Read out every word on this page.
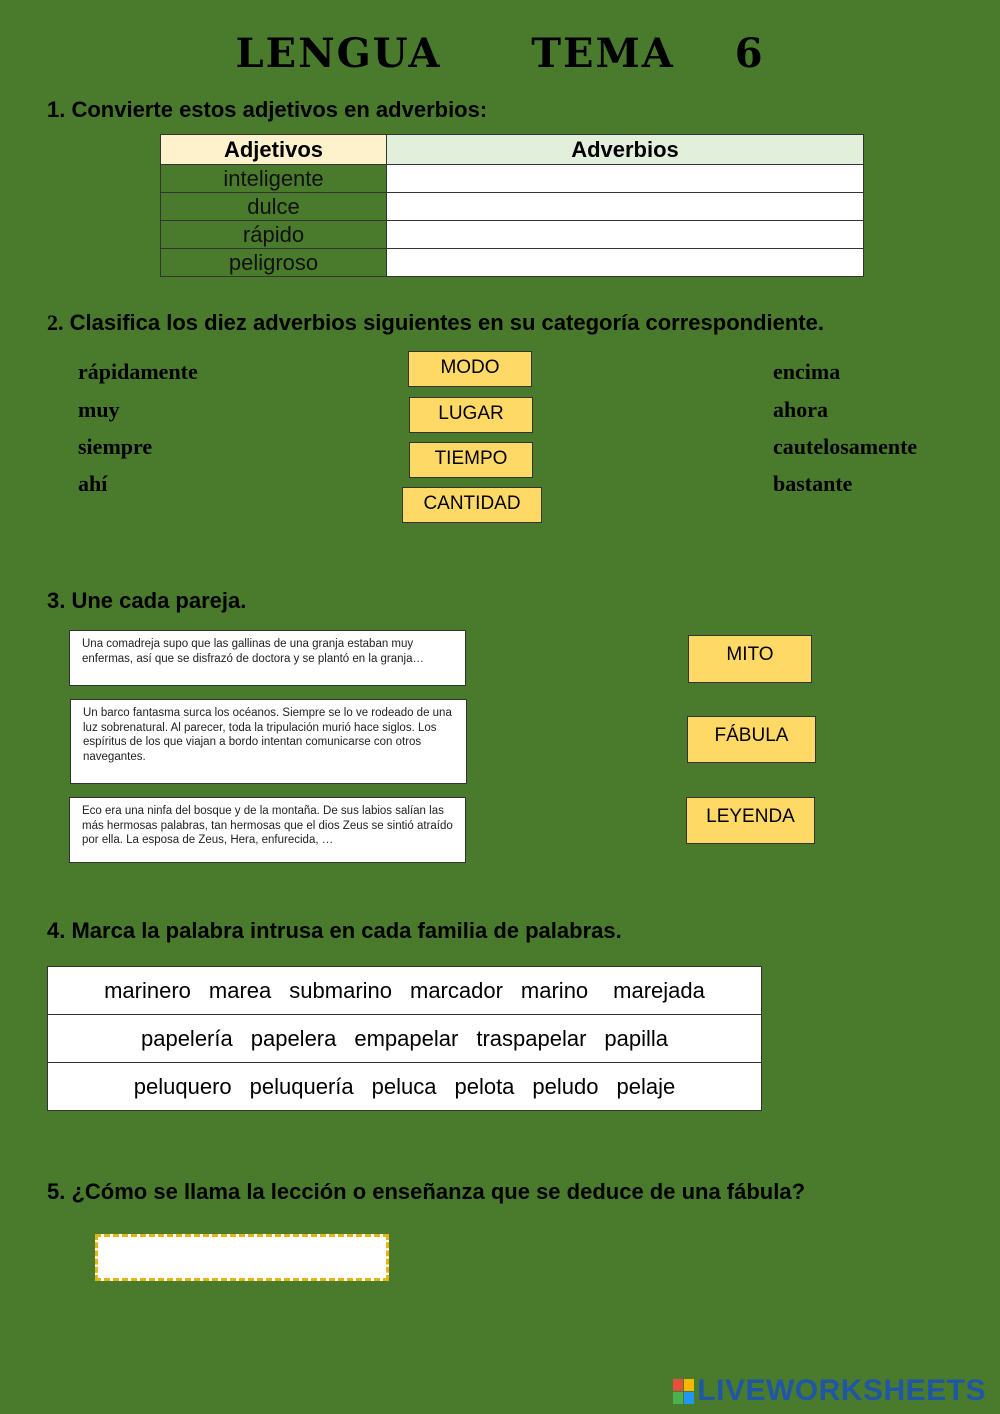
LENGUA   TEMA  6
1. Convierte estos adjetivos en adverbios:
Adjetivos	Adverbios
inteligente	
dulce	
rápido	
peligroso	
2. Clasifica los diez adverbios siguientes en su categoría correspondiente.
rápidamente
muy
siempre
ahí
MODO
LUGAR
TIEMPO
CANTIDAD
encima
ahora
cautelosamente
bastante
3. Une cada pareja.
Una comadreja supo que las gallinas de una granja estaban muy enfermas, así que se disfrazó de doctora y se plantó en la granja…
Un barco fantasma surca los océanos. Siempre se lo ve rodeado de una luz sobrenatural. Al parecer, toda la tripulación murió hace siglos. Los espíritus de los que viajan a bordo intentan comunicarse con otros navegantes.
Eco era una ninfa del bosque y de la montaña. De sus labios salían las más hermosas palabras, tan hermosas que el dios Zeus se sintió atraído por ella. La esposa de Zeus, Hera, enfurecida, …
MITO
FÁBULA
LEYENDA
4. Marca la palabra intrusa en cada familia de palabras.
marinero marea submarino marcador marino marejada
papelería papelera empapelar traspapelar papilla
peluquero peluquería peluca pelota peludo pelaje
5. ¿Cómo se llama la lección o enseñanza que se deduce de una fábula?
LIVEWORKSHEETS
